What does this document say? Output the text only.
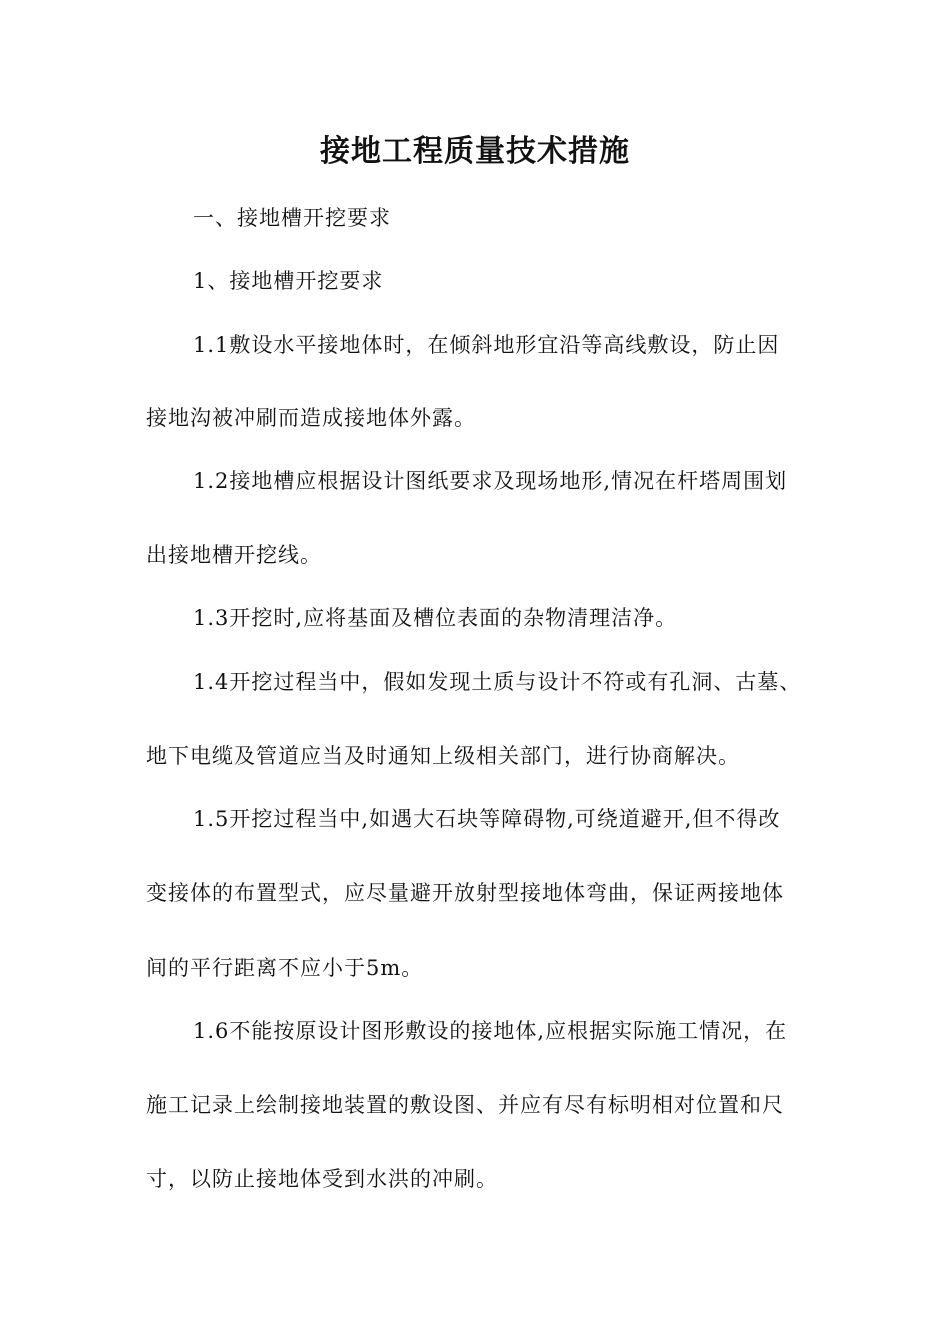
接地工程质量技术措施
一、接地槽开挖要求
1、接地槽开挖要求
1.1敷设水平接地体时，在倾斜地形宜沿等高线敷设，防止因
接地沟被冲刷而造成接地体外露。
1.2接地槽应根据设计图纸要求及现场地形,情况在杆塔周围划
出接地槽开挖线。
1.3开挖时,应将基面及槽位表面的杂物清理洁净。
1.4开挖过程当中，假如发现土质与设计不符或有孔洞、古墓、
地下电缆及管道应当及时通知上级相关部门，进行协商解决。
1.5开挖过程当中,如遇大石块等障碍物,可绕道避开,但不得改
变接体的布置型式，应尽量避开放射型接地体弯曲，保证两接地体
间的平行距离不应小于5m。
1.6不能按原设计图形敷设的接地体,应根据实际施工情况，在
施工记录上绘制接地装置的敷设图、并应有尽有标明相对位置和尺
寸，以防止接地体受到水洪的冲刷。
